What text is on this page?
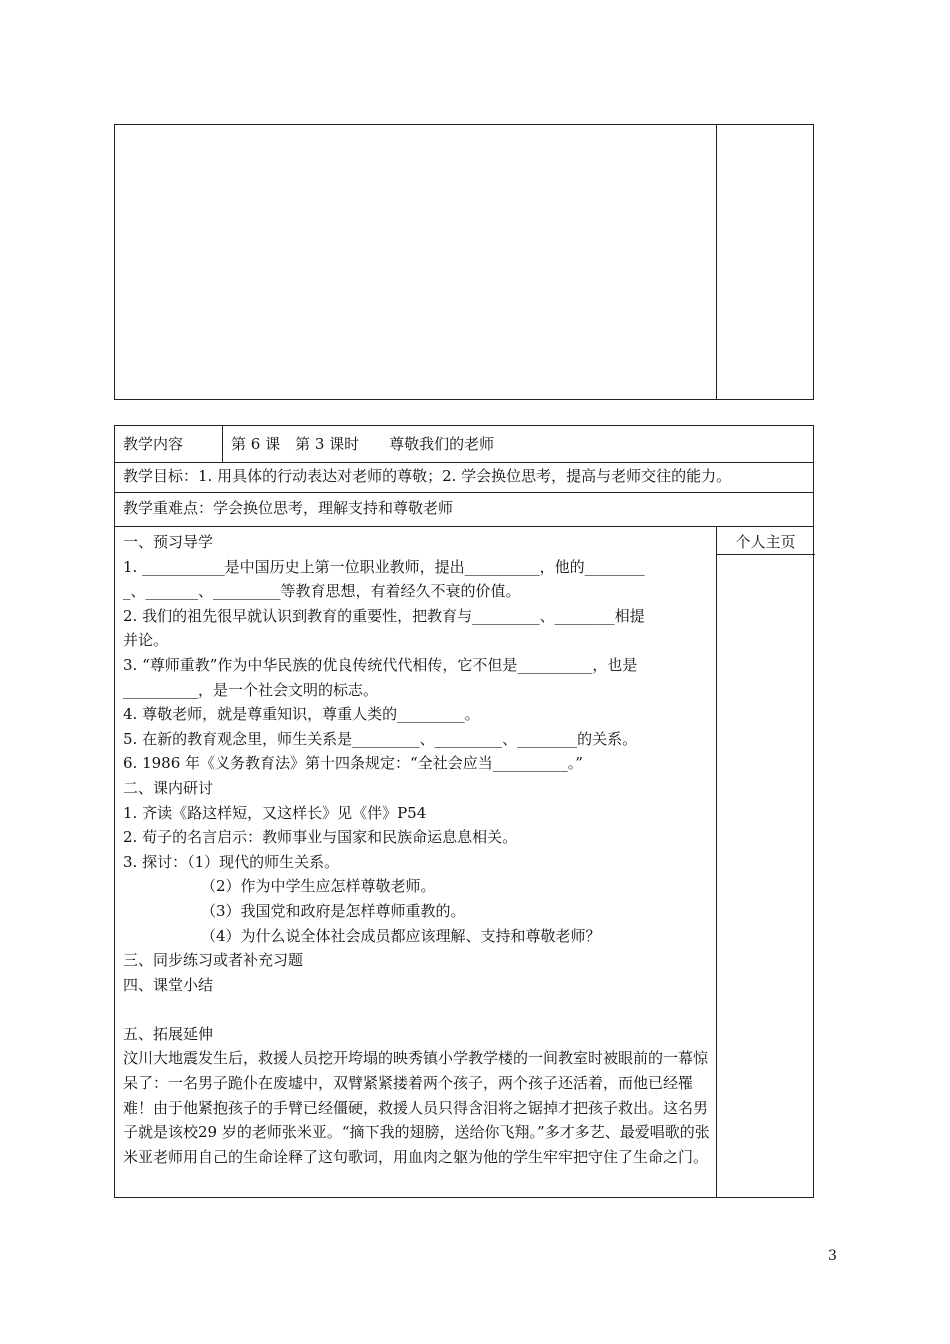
教学内容	第 6 课　第 3 课时　　尊敬我们的老师
教学目标：1. 用具体的行动表达对老师的尊敬；2. 学会换位思考，提高与老师交往的能力。
教学重难点：学会换位思考，理解支持和尊敬老师
个人主页
一、预习导学
1. ___________是中国历史上第一位职业教师，提出__________，他的________
_、_______、_________等教育思想，有着经久不衰的价值。
2. 我们的祖先很早就认识到教育的重要性，把教育与_________、________相提
并论。
3. “尊师重教”作为中华民族的优良传统代代相传，它不但是__________，也是
__________，是一个社会文明的标志。
4. 尊敬老师，就是尊重知识，尊重人类的_________。
5. 在新的教育观念里，师生关系是_________、_________、________的关系。
6. 1986 年《义务教育法》第十四条规定：“全社会应当__________。”
二、课内研讨
1. 齐读《路这样短，又这样长》见《伴》P54
2. 荀子的名言启示：教师事业与国家和民族命运息息相关。
3. 探讨：（1）现代的师生关系。
（2）作为中学生应怎样尊敬老师。
（3）我国党和政府是怎样尊师重教的。
（4）为什么说全体社会成员都应该理解、支持和尊敬老师？
三、同步练习或者补充习题
四、课堂小结
五、拓展延伸
汶川大地震发生后，救援人员挖开垮塌的映秀镇小学教学楼的一间教室时被眼前的一幕惊呆了：一名男子跪仆在废墟中，双臂紧紧搂着两个孩子，两个孩子还活着，而他已经罹难！由于他紧抱孩子的手臂已经僵硬，救援人员只得含泪将之锯掉才把孩子救出。这名男子就是该校29 岁的老师张米亚。“摘下我的翅膀，送给你飞翔。”多才多艺、最爱唱歌的张米亚老师用自己的生命诠释了这句歌词，用血肉之躯为他的学生牢牢把守住了生命之门。
3
